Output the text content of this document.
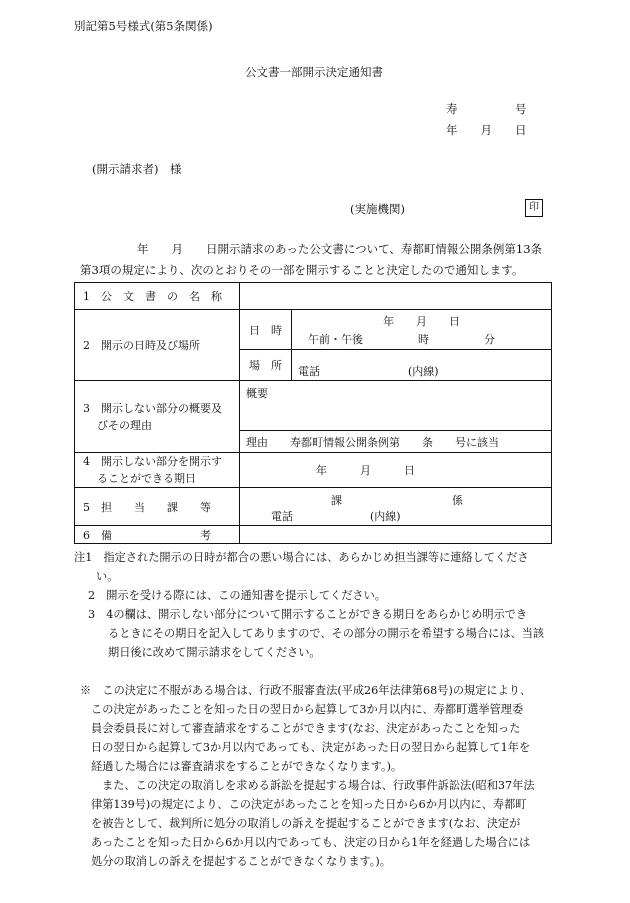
別記第5号様式(第5条関係)
公文書一部開示決定通知書
寿　　　　　号
年　　月　　日
(開示請求者)　様
(実施機関)	印
年　　月　　日開示請求のあった公文書について、寿都町情報公開条例第13条
第3項の規定により、次のとおりその一部を開示することと決定したので通知します。
1　公　文　書　の　名　称		
2　開示の日時及び場所	日　時	年　　月　　日
午前・午後　　　　　時　　　　　分

	場　所	電話　　　　　　　　(内線)

3　開示しない部分の概要及
びその理由	概要	

	理由　　寿都町情報公開条例第　　条　　号に該当	

4　開示しない部分を開示す
ることができる期日	年　　　月　　　日	
5　担　　当　　課　　等	課　　　　　　　　　　係
電話　　　　　　　(内線)	

6　備　　　　　　　　考		

注1　指定された開示の日時が都合の悪い場合には、あらかじめ担当課等に連絡してくださ

い。

2　開示を受ける際には、この通知書を提示してください。

3　4の欄は、開示しない部分について開示することができる期日をあらかじめ明示でき

るときにその期日を記入してありますので、その部分の開示を希望する場合には、当該

期日後に改めて開示請求をしてください。

※　この決定に不服がある場合は、行政不服審査法(平成26年法律第68号)の規定により、

この決定があったことを知った日の翌日から起算して3か月以内に、寿都町選挙管理委

員会委員長に対して審査請求をすることができます(なお、決定があったことを知った

日の翌日から起算して3か月以内であっても、決定があった日の翌日から起算して1年を

経過した場合には審査請求をすることができなくなります。)。

また、この決定の取消しを求める訴訟を提起する場合は、行政事件訴訟法(昭和37年法

律第139号)の規定により、この決定があったことを知った日から6か月以内に、寿都町

を被告として、裁判所に処分の取消しの訴えを提起することができます(なお、決定が

あったことを知った日から6か月以内であっても、決定の日から1年を経過した場合には

処分の取消しの訴えを提起することができなくなります。)。
